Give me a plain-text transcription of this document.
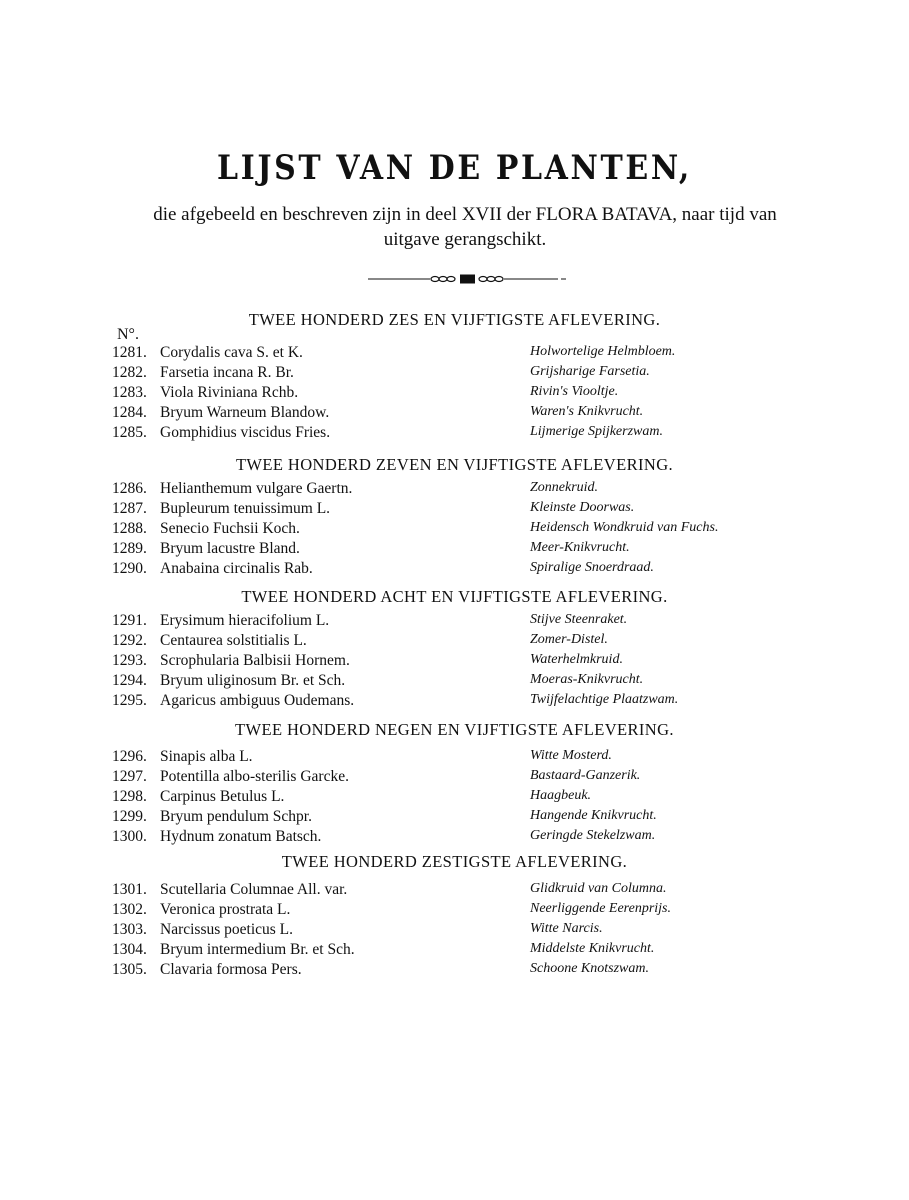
LIJST VAN DE PLANTEN,
die afgebeeld en beschreven zijn in deel XVII der FLORA BATAVA, naar tijd van
uitgave gerangschikt.
N°.
TWEE HONDERD ZES EN VIJFTIGSTE AFLEVERING.
1281. Corydalis cava S. et K.	Holwortelige Helmbloem.
1282. Farsetia incana R. Br.	Grijsharige Farsetia.
1283. Viola Riviniana Rchb.	Rivin's Viooltje.
1284. Bryum Warneum Blandow.	Waren's Knikvrucht.
1285. Gomphidius viscidus Fries.	Lijmerige Spijkerzwam.
TWEE HONDERD ZEVEN EN VIJFTIGSTE AFLEVERING.
1286. Helianthemum vulgare Gaertn.	Zonnekruid.
1287. Bupleurum tenuissimum L.	Kleinste Doorwas.
1288. Senecio Fuchsii Koch.	Heidensch Wondkruid van Fuchs.
1289. Bryum lacustre Bland.	Meer-Knikvrucht.
1290. Anabaina circinalis Rab.	Spiralige Snoerdraad.
TWEE HONDERD ACHT EN VIJFTIGSTE AFLEVERING.
1291. Erysimum hieracifolium L.	Stijve Steenraket.
1292. Centaurea solstitialis L.	Zomer-Distel.
1293. Scrophularia Balbisii Hornem.	Waterhelmkruid.
1294. Bryum uliginosum Br. et Sch.	Moeras-Knikvrucht.
1295. Agaricus ambiguus Oudemans.	Twijfelachtige Plaatzwam.
TWEE HONDERD NEGEN EN VIJFTIGSTE AFLEVERING.
1296. Sinapis alba L.	Witte Mosterd.
1297. Potentilla albo-sterilis Garcke.	Bastaard-Ganzerik.
1298. Carpinus Betulus L.	Haagbeuk.
1299. Bryum pendulum Schpr.	Hangende Knikvrucht.
1300. Hydnum zonatum Batsch.	Geringde Stekelzwam.
TWEE HONDERD ZESTIGSTE AFLEVERING.
1301. Scutellaria Columnae All. var.	Glidkruid van Columna.
1302. Veronica prostrata L.	Neerliggende Eerenprijs.
1303. Narcissus poeticus L.	Witte Narcis.
1304. Bryum intermedium Br. et Sch.	Middelste Knikvrucht.
1305. Clavaria formosa Pers.	Schoone Knotszwam.
